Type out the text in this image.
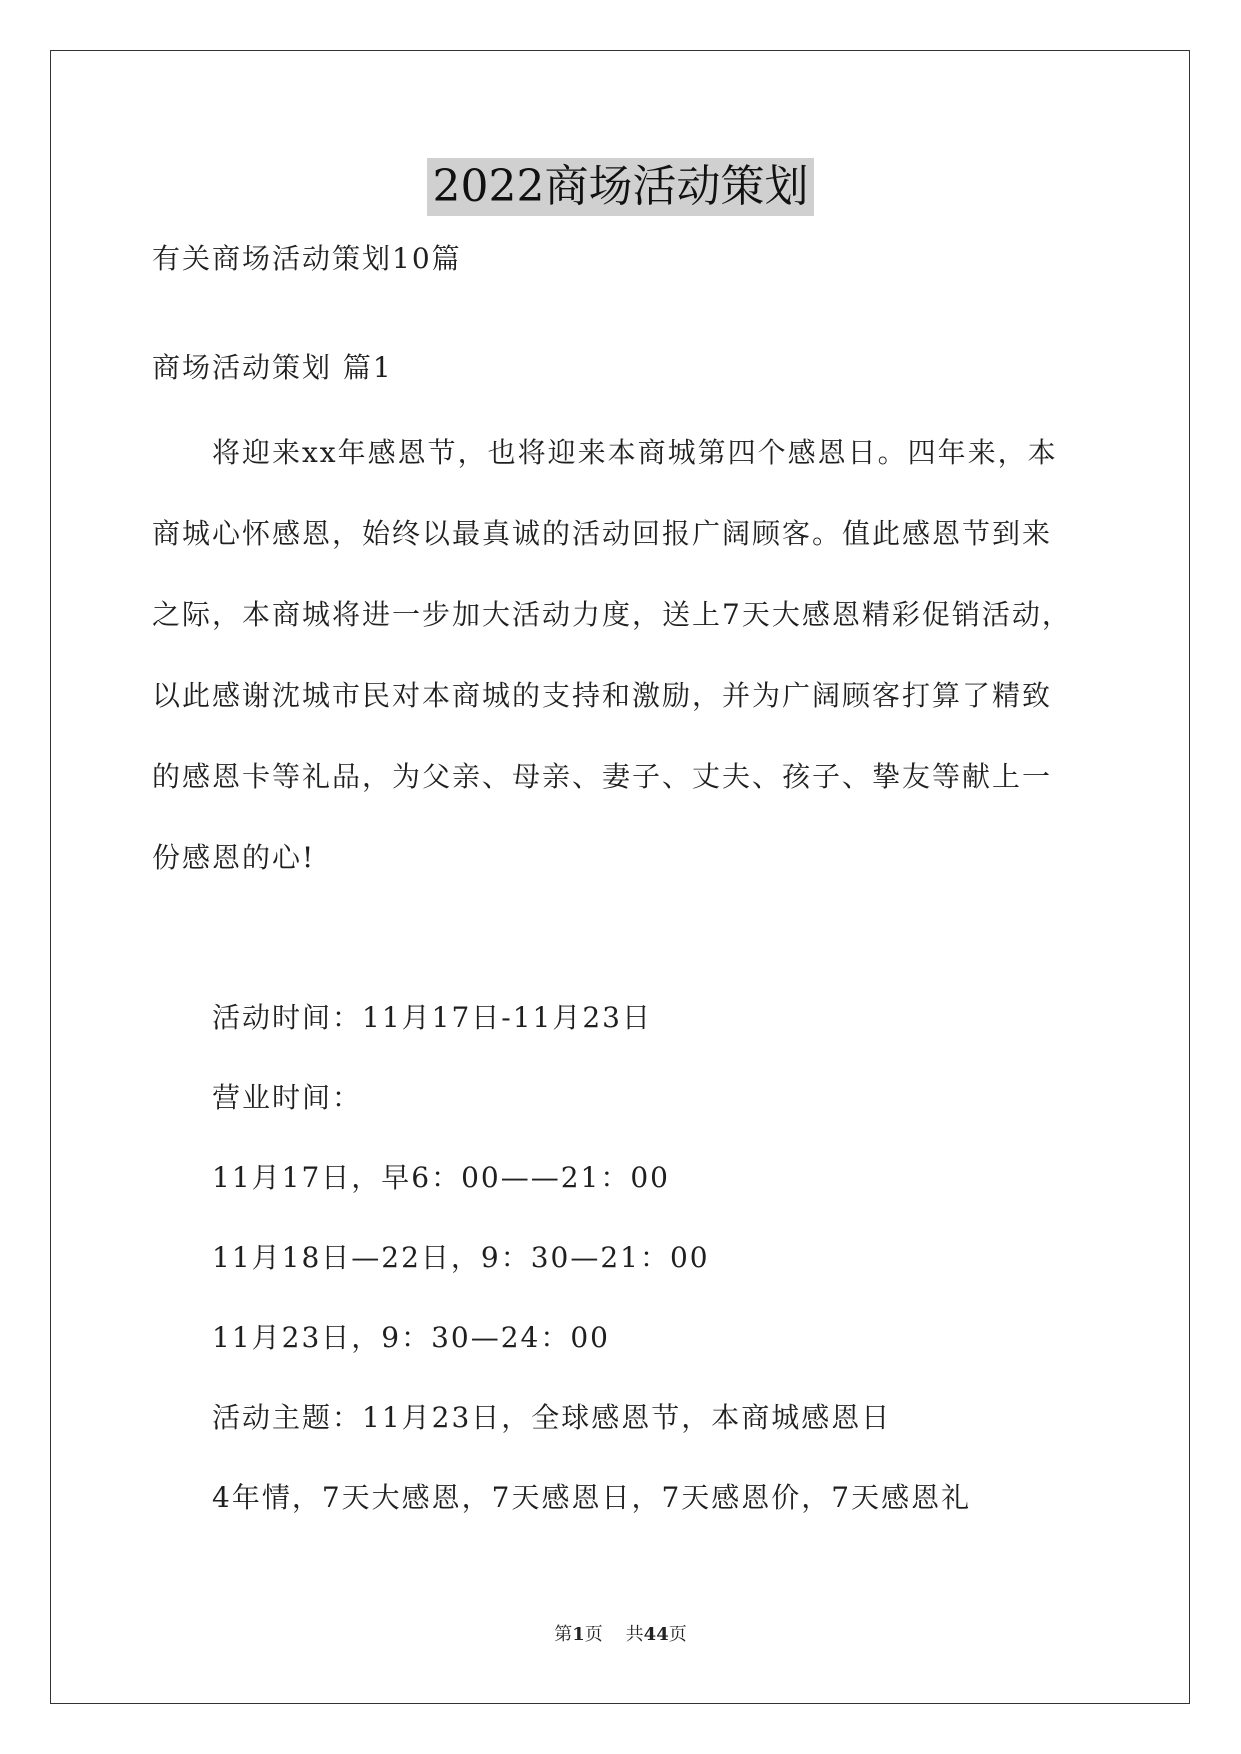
2022商场活动策划
有关商场活动策划10篇
商场活动策划 篇1
将迎来xx年感恩节，也将迎来本商城第四个感恩日。四年来，本
商城心怀感恩，始终以最真诚的活动回报广阔顾客。值此感恩节到来
之际，本商城将进一步加大活动力度，送上7天大感恩精彩促销活动，
以此感谢沈城市民对本商城的支持和激励，并为广阔顾客打算了精致
的感恩卡等礼品，为父亲、母亲、妻子、丈夫、孩子、挚友等献上一
份感恩的心!
活动时间：11月17日-11月23日
营业时间：
11月17日，早6：00——21：00
11月18日—22日，9：30—21：00
11月23日，9：30—24：00
活动主题：11月23日，全球感恩节，本商城感恩日
4年情，7天大感恩，7天感恩日，7天感恩价，7天感恩礼
第1页 共44页
